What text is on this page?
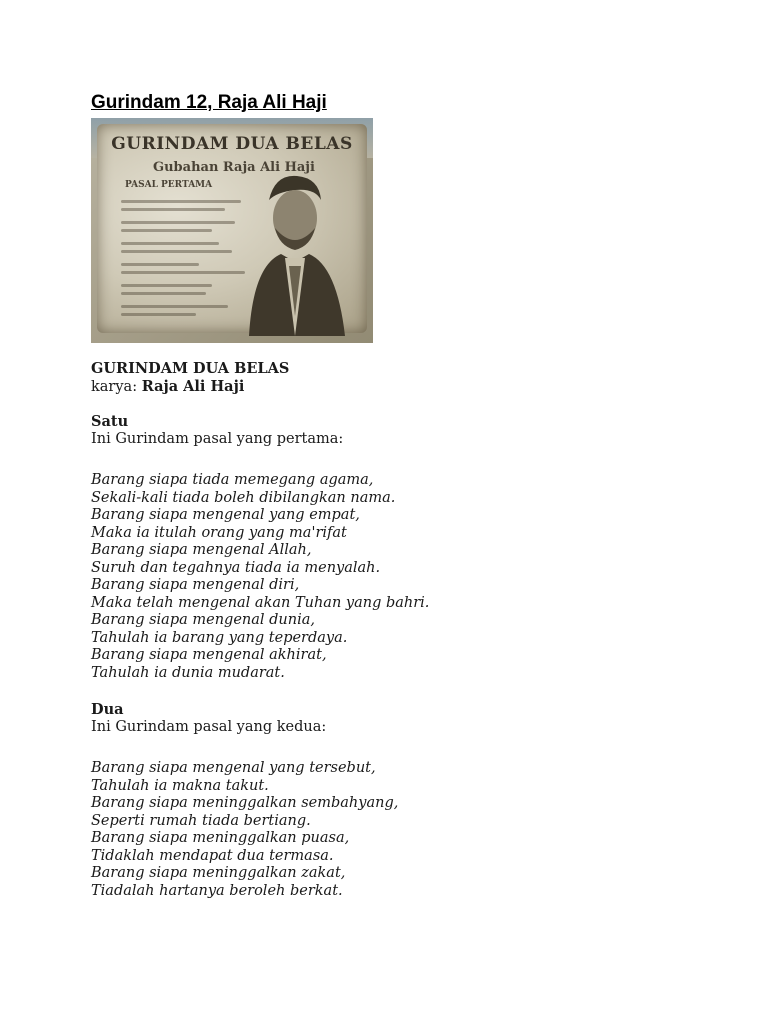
Gurindam 12, Raja Ali Haji
GURINDAM DUA BELAS
Gubahan Raja Ali Haji
PASAL PERTAMA
GURINDAM DUA BELAS
karya: Raja Ali Haji
Satu
Ini Gurindam pasal yang pertama:
Barang siapa tiada memegang agama,
Sekali-kali tiada boleh dibilangkan nama.
Barang siapa mengenal yang empat,
Maka ia itulah orang yang ma'rifat
Barang siapa mengenal Allah,
Suruh dan tegahnya tiada ia menyalah.
Barang siapa mengenal diri,
Maka telah mengenal akan Tuhan yang bahri.
Barang siapa mengenal dunia,
Tahulah ia barang yang teperdaya.
Barang siapa mengenal akhirat,
Tahulah ia dunia mudarat.
Dua
Ini Gurindam pasal yang kedua:
Barang siapa mengenal yang tersebut,
Tahulah ia makna takut.
Barang siapa meninggalkan sembahyang,
Seperti rumah tiada bertiang.
Barang siapa meninggalkan puasa,
Tidaklah mendapat dua termasa.
Barang siapa meninggalkan zakat,
Tiadalah hartanya beroleh berkat.
